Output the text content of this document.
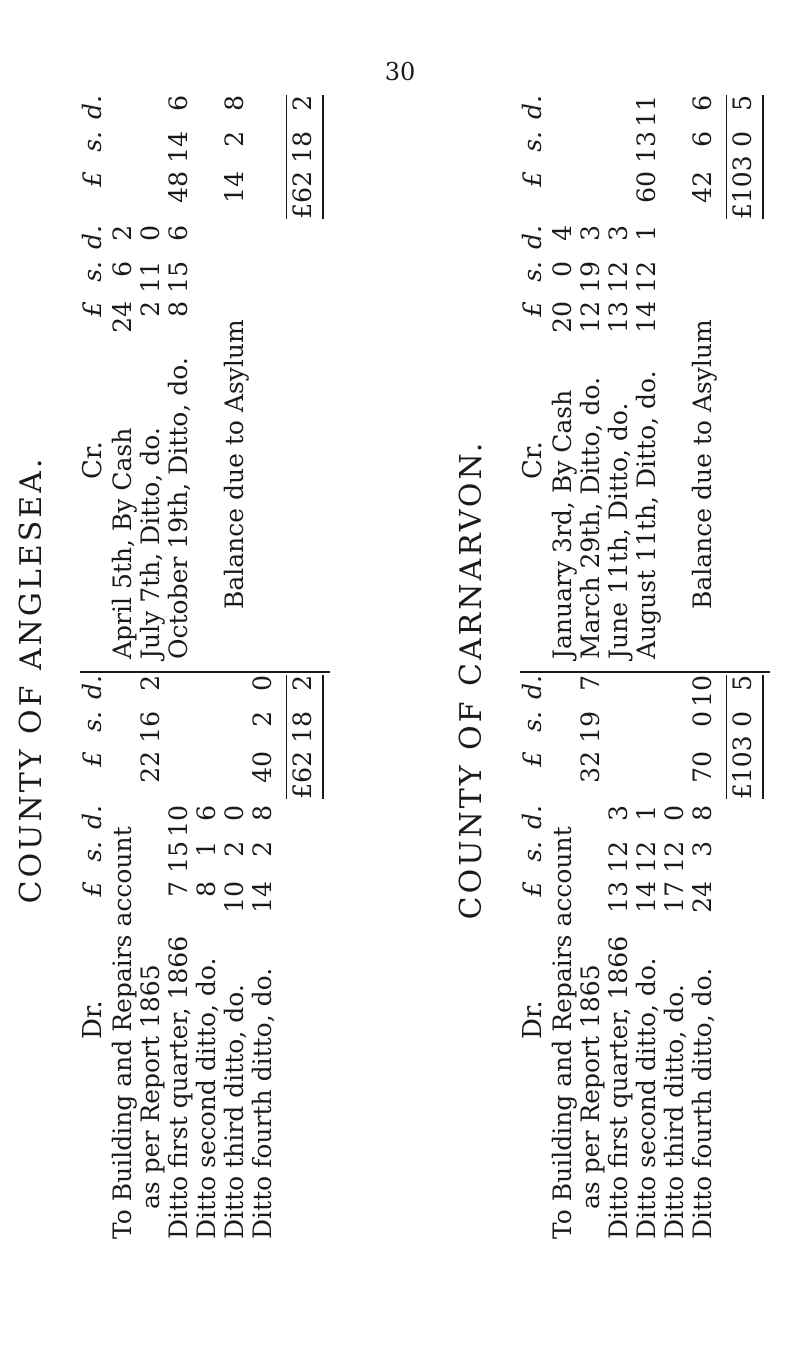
30
COUNTY OF ANGLESEA.
Dr. To Building and Repairs account as per Report 1865 Ditto first quarter, 1866 Ditto second ditto, do. Ditto third ditto, do. Ditto fourth ditto, do.
£
s.
d.
7
15
10
8
1
6
10
2
0
14
2
8
£
s.
d.
22
16
2
40
2
0
£62
18
2
Cr.
April 5th, By Cash
July 7th, Ditto, do. October 19th, Ditto, do. Balance due to Asylum
£
s.
d.
24
6
2
2
11
0
8
15
6
£
s.
d.
48
14
6
14
2
8
£62
18
2
COUNTY OF CARNARVON.
Dr. To Building and Repairs account as per Report 1865 Ditto first quarter, 1866 Ditto second ditto, do. Ditto third ditto, do. Ditto fourth ditto, do.
£
s.
d.
13
12
3
14
12
1
17
12
0
24
3
8
£
s.
d.
32
19
7
70
0
10
£103
0
5
Cr.
January 3rd, By Cash
March 29th, Ditto, do.
June 11th, Ditto, do.
August 11th, Ditto, do. Balance due to Asylum
£
s.
d.
20
0
4
12
19
3
13
12
3
14
12
1
£
s.
d.
60
13
11
42
6
6
£103
0
5
